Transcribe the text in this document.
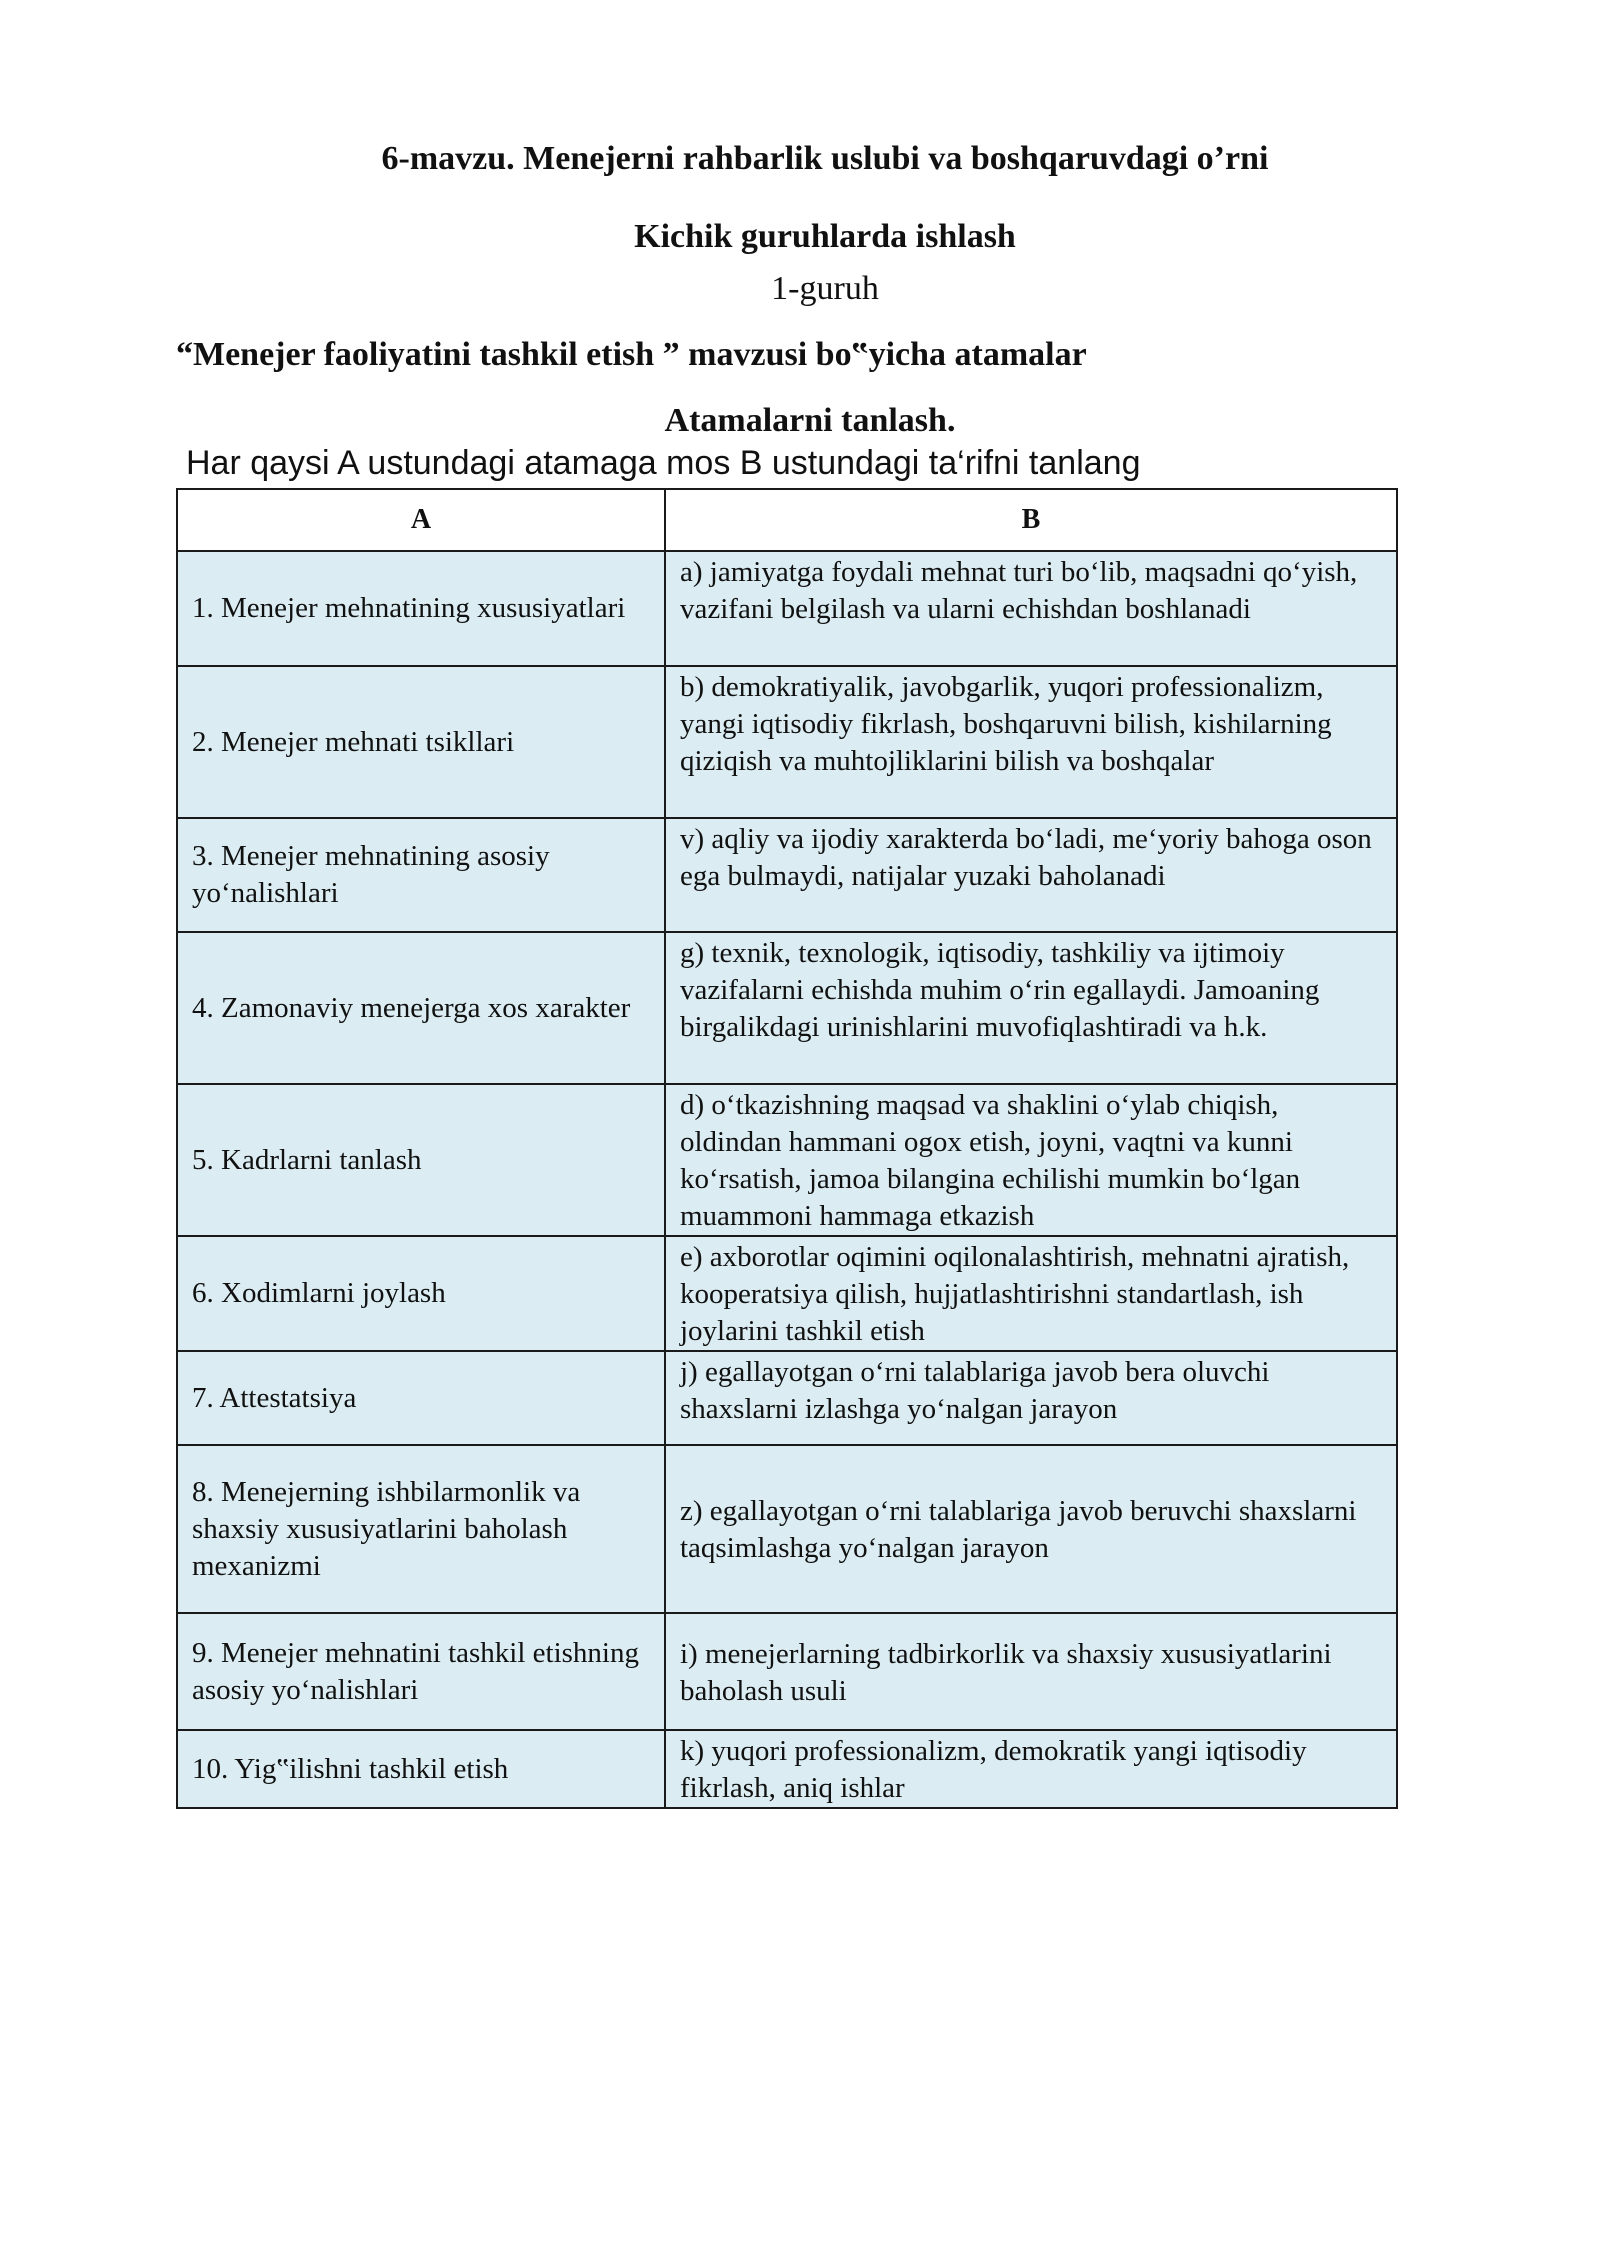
6-mavzu. Menejerni rahbarlik uslubi va boshqaruvdagi o’rni
Kichik guruhlarda ishlash
1-guruh
“Menejer faoliyatini tashkil etish ” mavzusi bo‟yicha atamalar
Atamalarni tanlash.
Har qaysi A ustundagi atamaga mos B ustundagi ta‘rifni tanlang
A	B
1. Menejer mehnatining xususiyatlari	a) jamiyatga foydali mehnat turi bo‘lib, maqsadni qo‘yish, vazifani belgilash va ularni echishdan boshlanadi
2. Menejer mehnati tsikllari	b) demokratiyalik, javobgarlik, yuqori professionalizm, yangi iqtisodiy fikrlash, boshqaruvni bilish, kishilarning qiziqish va muhtojliklarini bilish va boshqalar
3. Menejer mehnatining asosiy yo‘nalishlari	v) aqliy va ijodiy xarakterda bo‘ladi, me‘yoriy bahoga oson ega bulmaydi, natijalar yuzaki baholanadi
4. Zamonaviy menejerga xos xarakter	g) texnik, texnologik, iqtisodiy, tashkiliy va ijtimoiy vazifalarni echishda muhim o‘rin egallaydi. Jamoaning birgalikdagi urinishlarini muvofiqlashtiradi va h.k.
5. Kadrlarni tanlash	d) o‘tkazishning maqsad va shaklini o‘ylab chiqish, oldindan hammani ogox etish, joyni, vaqtni va kunni ko‘rsatish, jamoa bilangina echilishi mumkin bo‘lgan muammoni hammaga etkazish
6. Xodimlarni joylash	e) axborotlar oqimini oqilonalashtirish, mehnatni ajratish, kooperatsiya qilish, hujjatlashtirishni standartlash, ish joylarini tashkil etish
7. Attestatsiya	j) egallayotgan o‘rni talablariga javob bera oluvchi shaxslarni izlashga yo‘nalgan jarayon
8. Menejerning ishbilarmonlik va shaxsiy xususiyatlarini baholash mexanizmi	z) egallayotgan o‘rni talablariga javob beruvchi shaxslarni taqsimlashga yo‘nalgan jarayon
9. Menejer mehnatini tashkil etishning asosiy yo‘nalishlari	i) menejerlarning tadbirkorlik va shaxsiy xususiyatlarini baholash usuli
10. Yig‟ilishni tashkil etish	k) yuqori professionalizm, demokratik yangi iqtisodiy fikrlash, aniq ishlar
